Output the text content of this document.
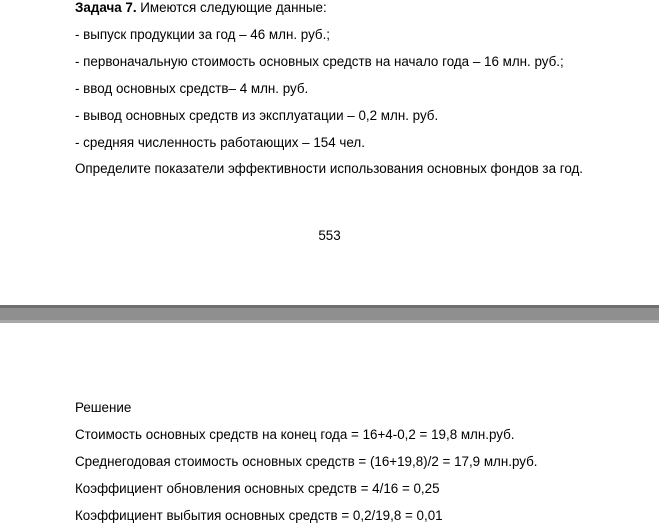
Задача 7. Имеются следующие данные:
- выпуск продукции за год – 46 млн. руб.;
- первоначальную стоимость основных средств на начало года – 16 млн. руб.;
- ввод основных средств– 4 млн. руб.
- вывод основных средств из эксплуатации – 0,2 млн. руб.
- средняя численность работающих – 154 чел.
Определите показатели эффективности использования основных фондов за год.
553
Решение
Стоимость основных средств на конец года = 16+4-0,2 = 19,8 млн.руб.
Среднегодовая стоимость основных средств = (16+19,8)/2 = 17,9 млн.руб.
Коэффициент обновления основных средств = 4/16 = 0,25
Коэффициент выбытия основных средств = 0,2/19,8 = 0,01
